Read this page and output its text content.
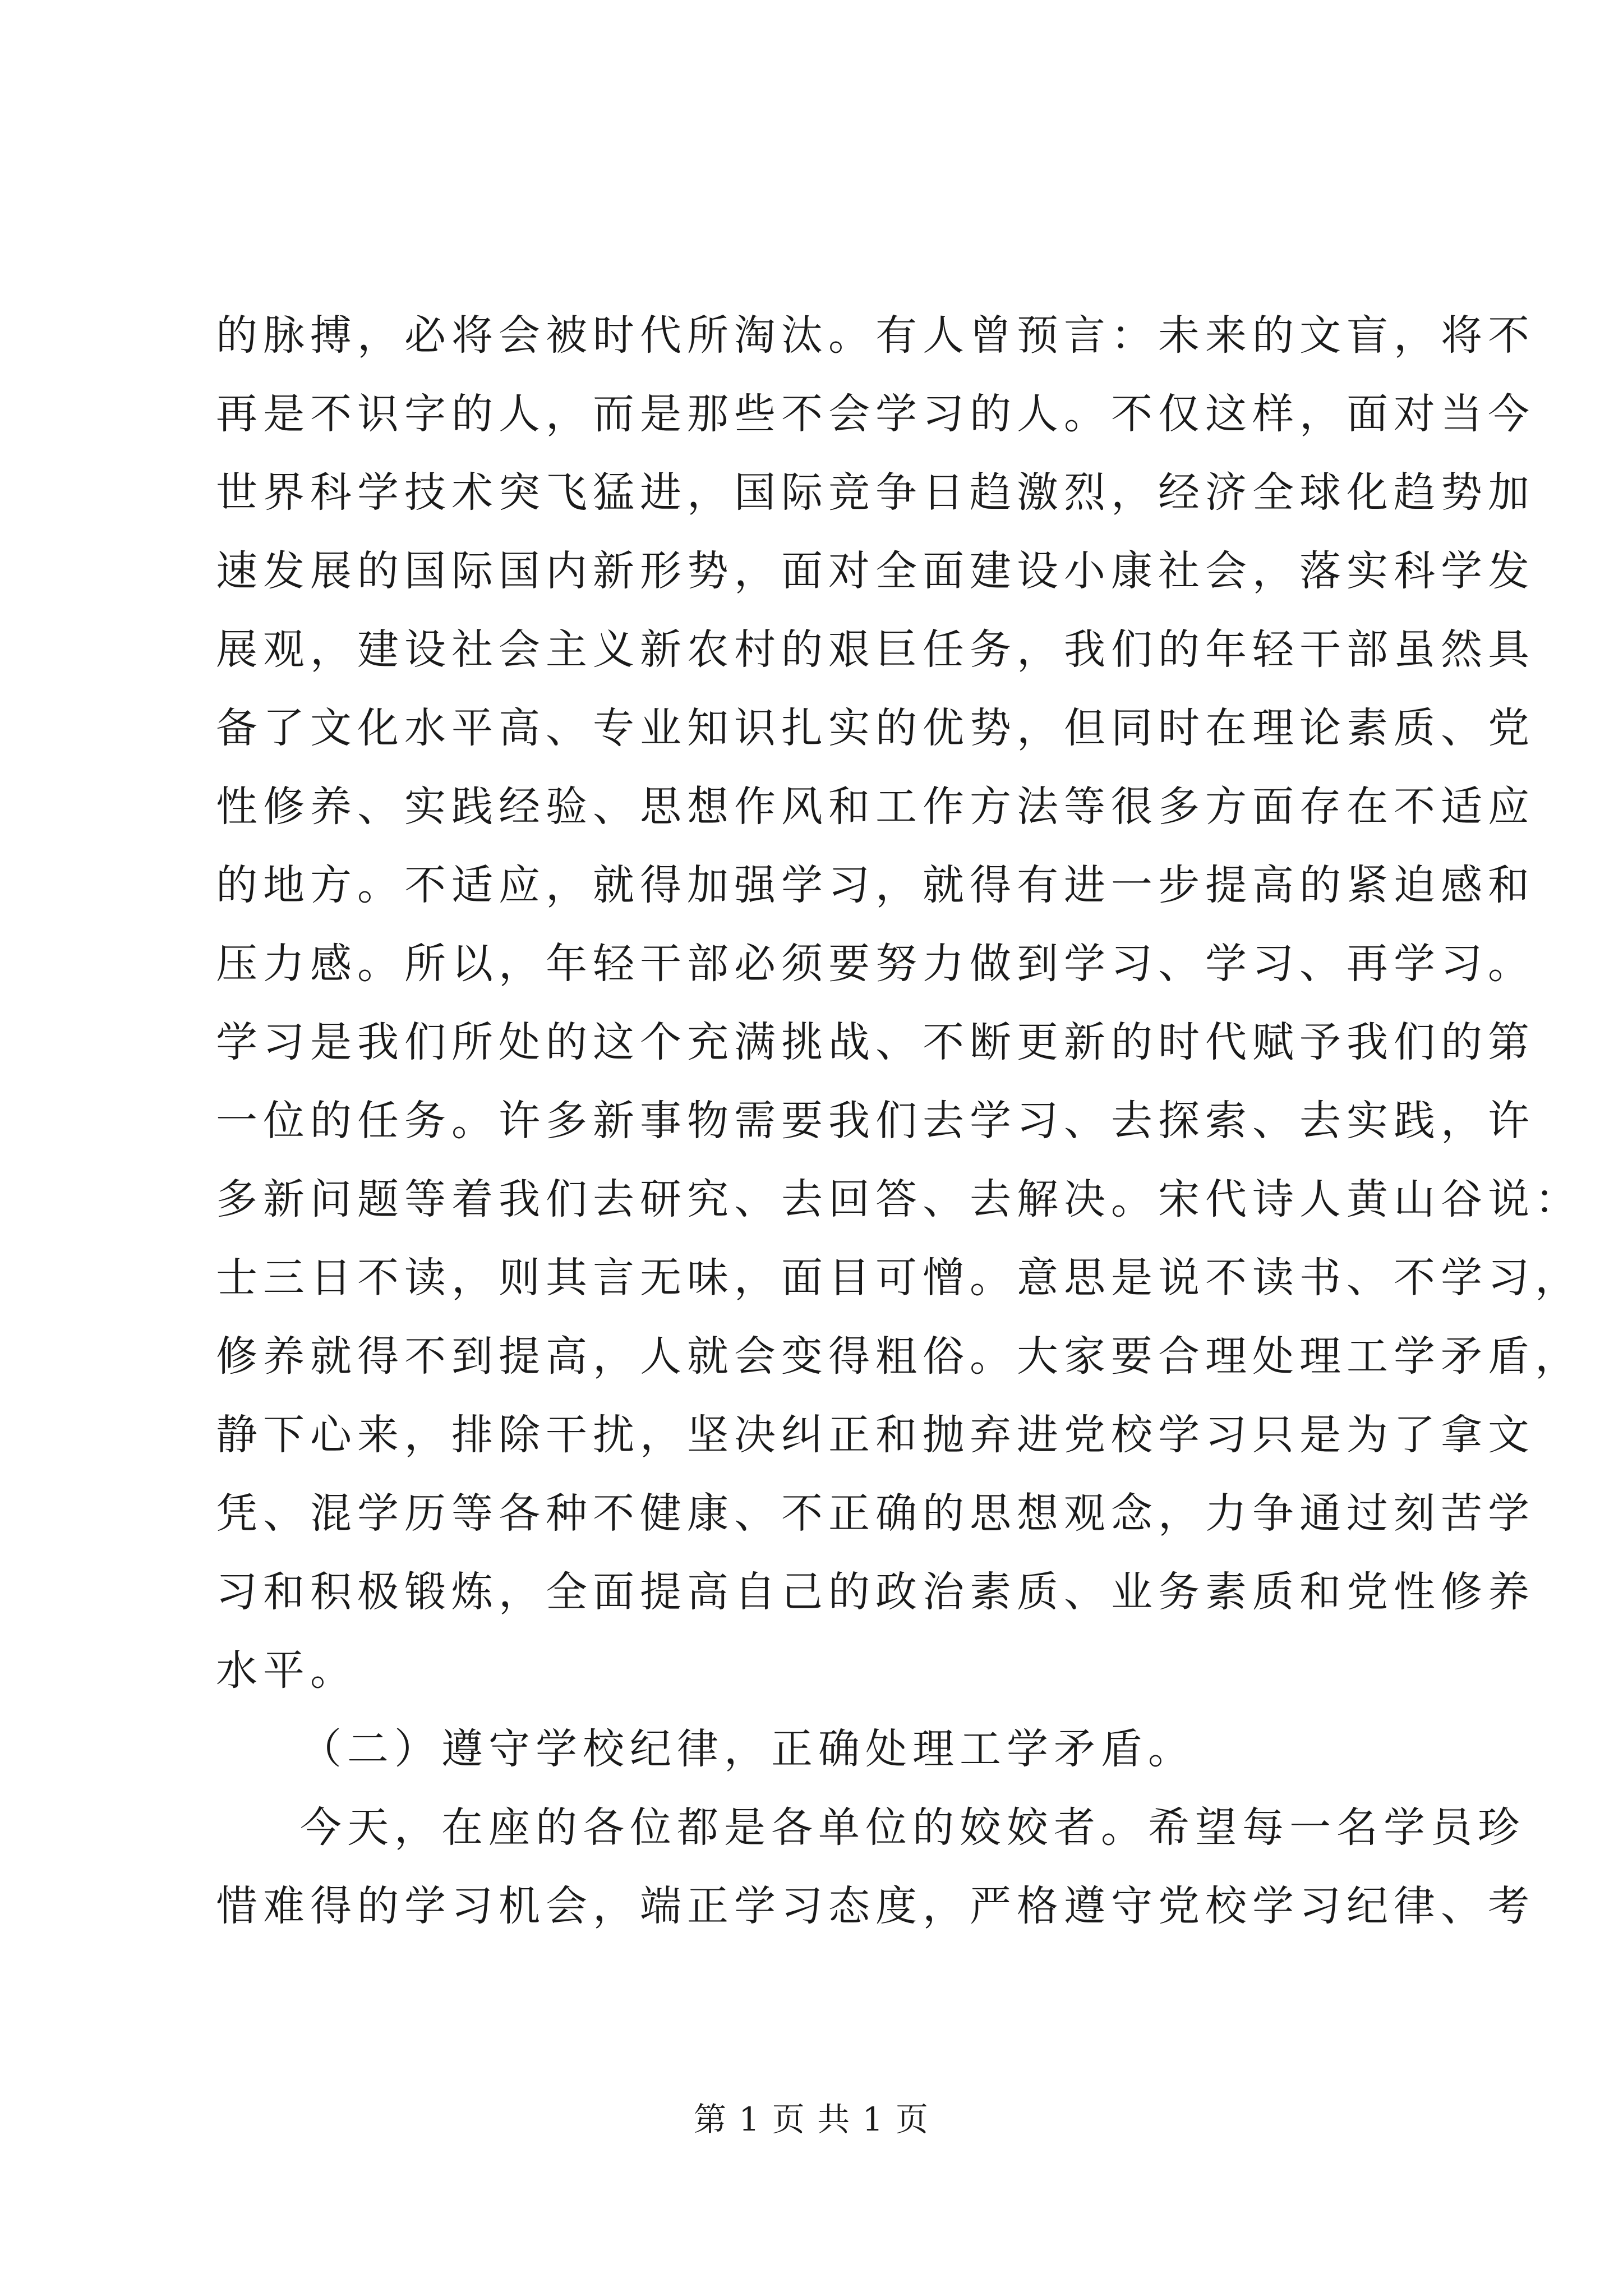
的脉搏，必将会被时代所淘汰。有人曾预言：未来的文盲，将不
再是不识字的人，而是那些不会学习的人。不仅这样，面对当今
世界科学技术突飞猛进，国际竞争日趋激烈，经济全球化趋势加
速发展的国际国内新形势，面对全面建设小康社会，落实科学发
展观，建设社会主义新农村的艰巨任务，我们的年轻干部虽然具
备了文化水平高、专业知识扎实的优势，但同时在理论素质、党
性修养、实践经验、思想作风和工作方法等很多方面存在不适应
的地方。不适应，就得加强学习，就得有进一步提高的紧迫感和
压力感。所以，年轻干部必须要努力做到学习、学习、再学习。
学习是我们所处的这个充满挑战、不断更新的时代赋予我们的第
一位的任务。许多新事物需要我们去学习、去探索、去实践，许
多新问题等着我们去研究、去回答、去解决。宋代诗人黄山谷说：
士三日不读，则其言无味，面目可憎。意思是说不读书、不学习，
修养就得不到提高，人就会变得粗俗。大家要合理处理工学矛盾，
静下心来，排除干扰，坚决纠正和抛弃进党校学习只是为了拿文
凭、混学历等各种不健康、不正确的思想观念，力争通过刻苦学
习和积极锻炼，全面提高自己的政治素质、业务素质和党性修养
水平。
（二）遵守学校纪律，正确处理工学矛盾。
今天，在座的各位都是各单位的姣姣者。希望每一名学员珍
惜难得的学习机会，端正学习态度，严格遵守党校学习纪律、考
第 1 页 共 1 页
